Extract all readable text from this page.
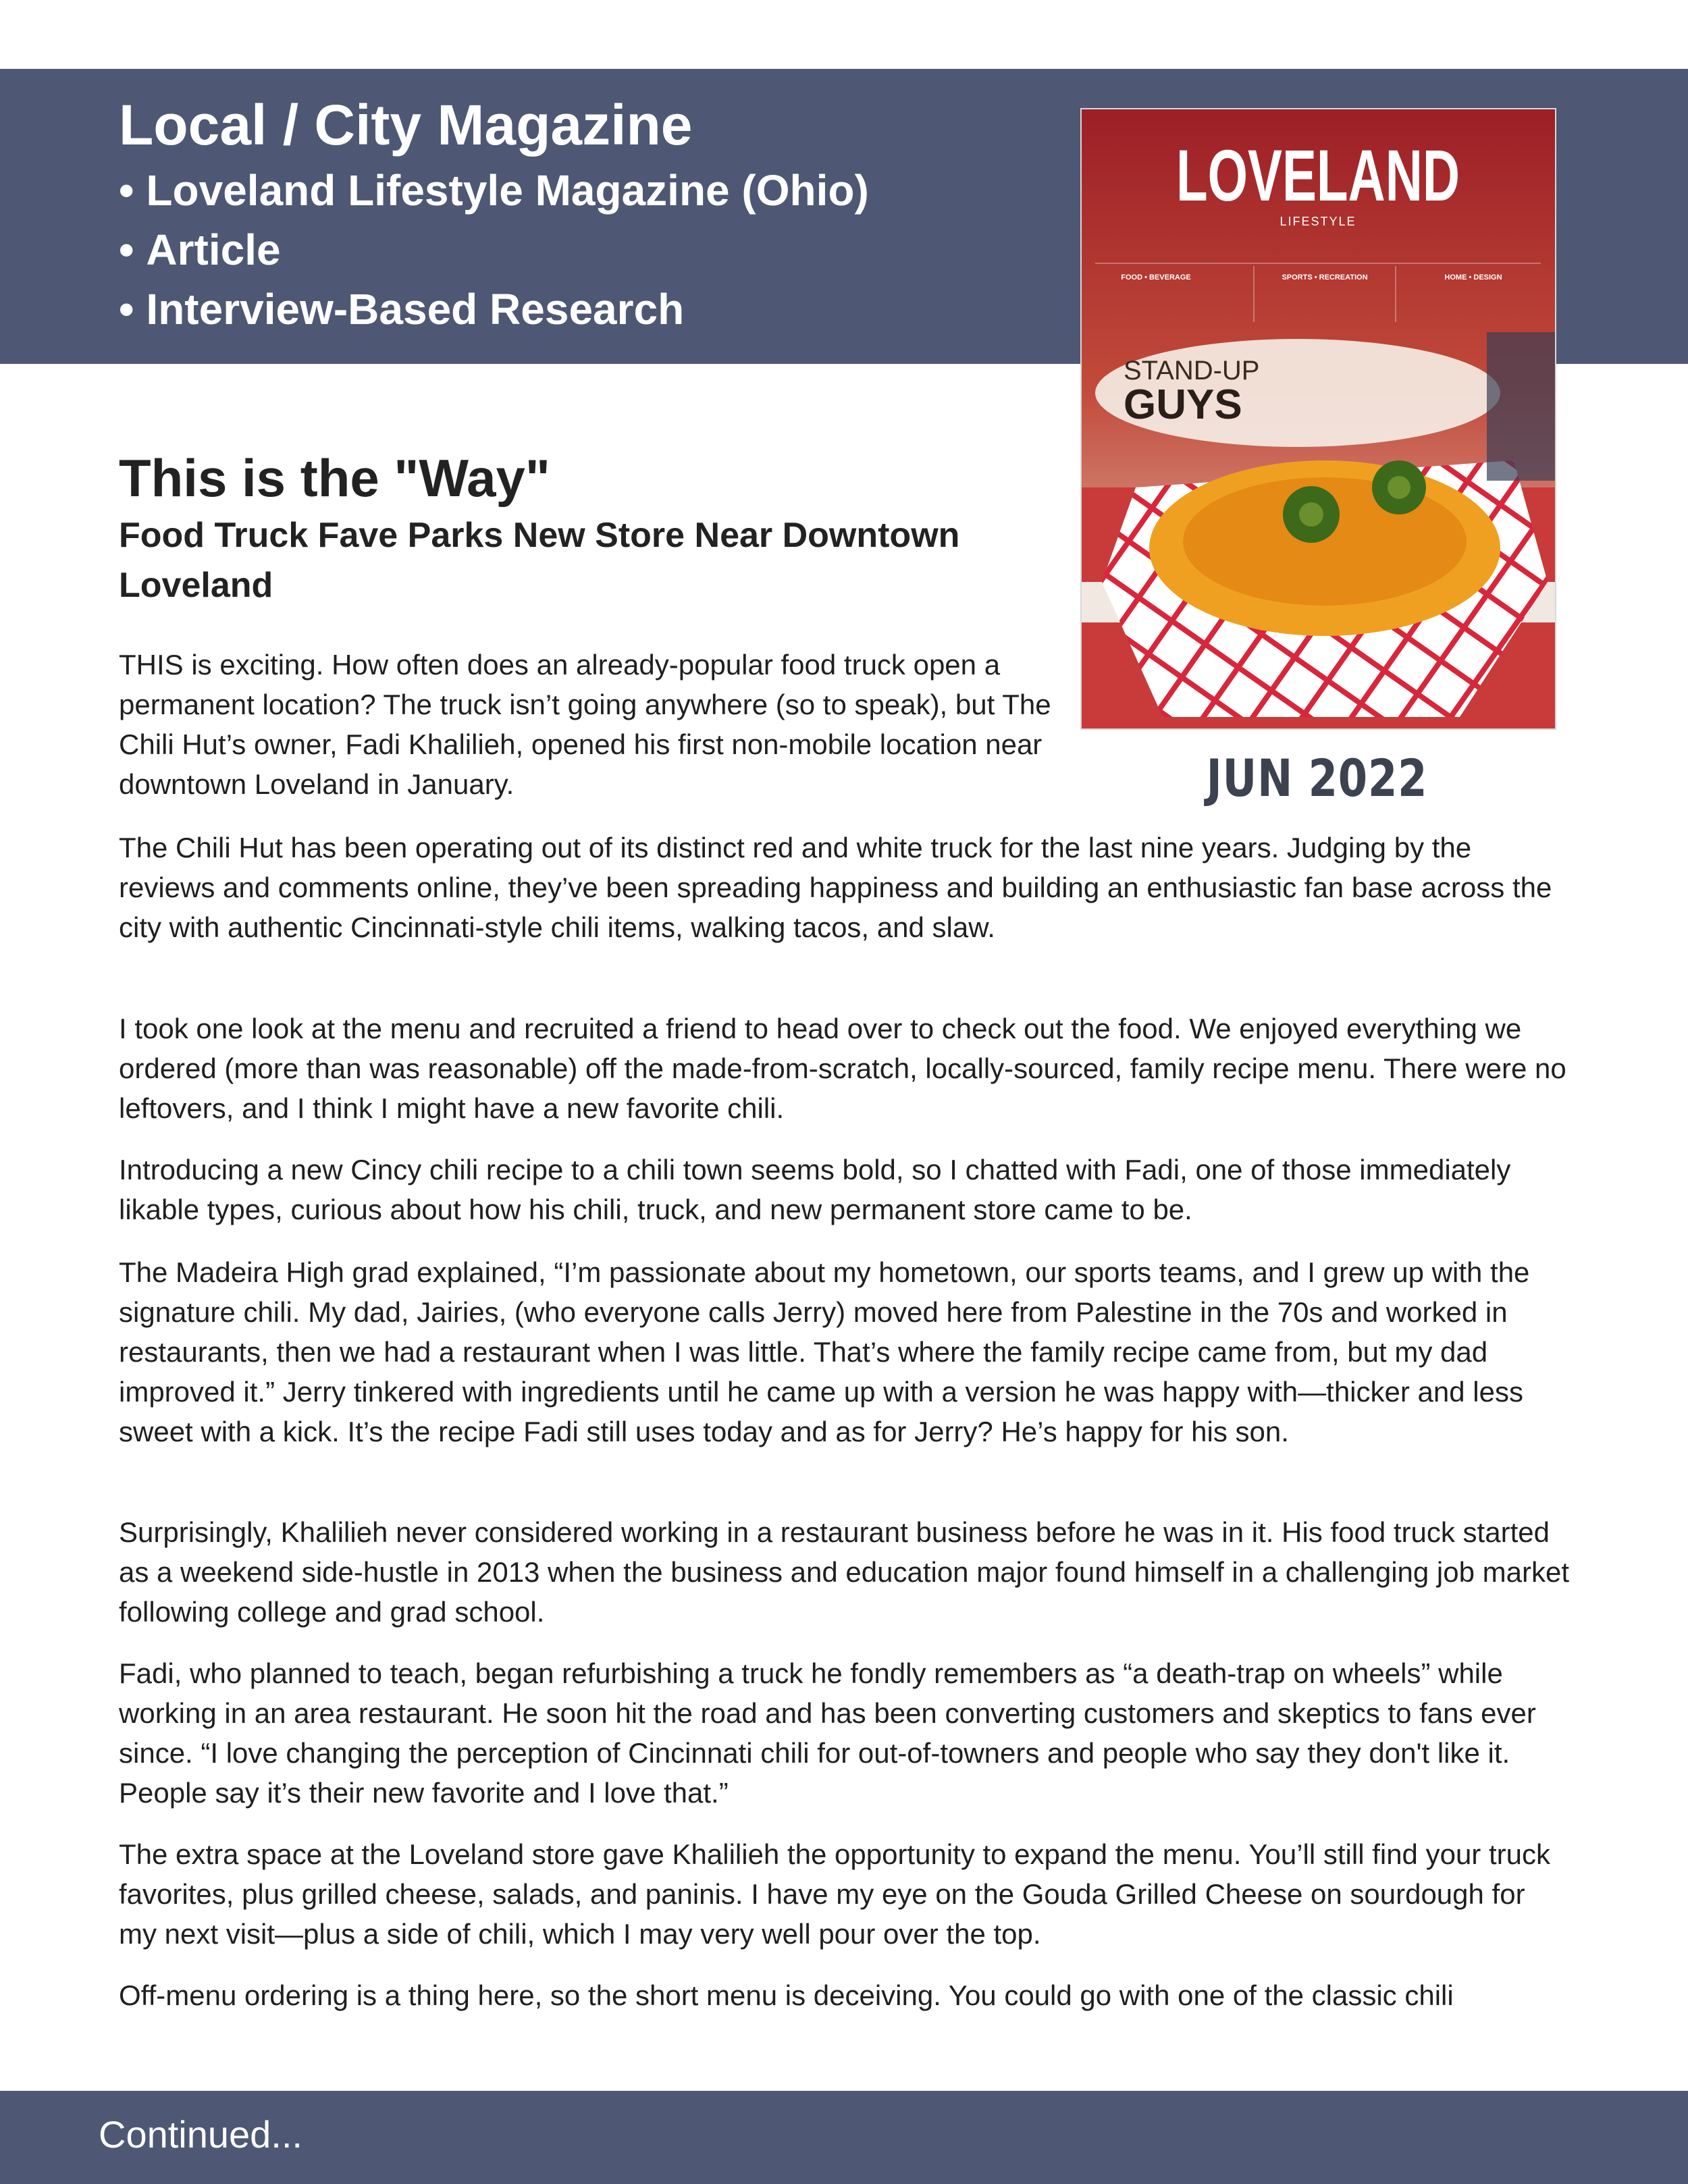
Local / City Magazine
• Loveland Lifestyle Magazine (Ohio)
• Article
• Interview-Based Research
LOVELAND
LIFESTYLE
FOOD • BEVERAGE	SPORTS • RECREATION	HOME • DESIGN
STAND-UP
GUYS
JUN 2022
This is the "Way"
Food Truck Fave Parks New Store Near Downtown Loveland

THIS is exciting. How often does an already-popular food truck open a permanent location? The truck isn’t going anywhere (so to speak), but The Chili Hut’s owner, Fadi Khalilieh, opened his first non-mobile location near downtown Loveland in January.

The Chili Hut has been operating out of its distinct red and white truck for the last nine years. Judging by the reviews and comments online, they’ve been spreading happiness and building an enthusiastic fan base across the city with authentic Cincinnati-style chili items, walking tacos, and slaw.

I took one look at the menu and recruited a friend to head over to check out the food. We enjoyed everything we ordered (more than was reasonable) off the made-from-scratch, locally-sourced, family recipe menu. There were no leftovers, and I think I might have a new favorite chili.

Introducing a new Cincy chili recipe to a chili town seems bold, so I chatted with Fadi, one of those immediately likable types, curious about how his chili, truck, and new permanent store came to be.

The Madeira High grad explained, “I’m passionate about my hometown, our sports teams, and I grew up with the signature chili. My dad, Jairies, (who everyone calls Jerry) moved here from Palestine in the 70s and worked in restaurants, then we had a restaurant when I was little. That’s where the family recipe came from, but my dad improved it.” Jerry tinkered with ingredients until he came up with a version he was happy with—thicker and less sweet with a kick. It’s the recipe Fadi still uses today and as for Jerry? He’s happy for his son.

Surprisingly, Khalilieh never considered working in a restaurant business before he was in it. His food truck started as a weekend side-hustle in 2013 when the business and education major found himself in a challenging job market following college and grad school.

Fadi, who planned to teach, began refurbishing a truck he fondly remembers as “a death-trap on wheels” while working in an area restaurant. He soon hit the road and has been converting customers and skeptics to fans ever since. “I love changing the perception of Cincinnati chili for out-of-towners and people who say they don't like it. People say it’s their new favorite and I love that.”

The extra space at the Loveland store gave Khalilieh the opportunity to expand the menu. You’ll still find your truck favorites, plus grilled cheese, salads, and paninis. I have my eye on the Gouda Grilled Cheese on sourdough for my next visit—plus a side of chili, which I may very well pour over the top.

Off-menu ordering is a thing here, so the short menu is deceiving. You could go with one of the classic chili

Continued...
